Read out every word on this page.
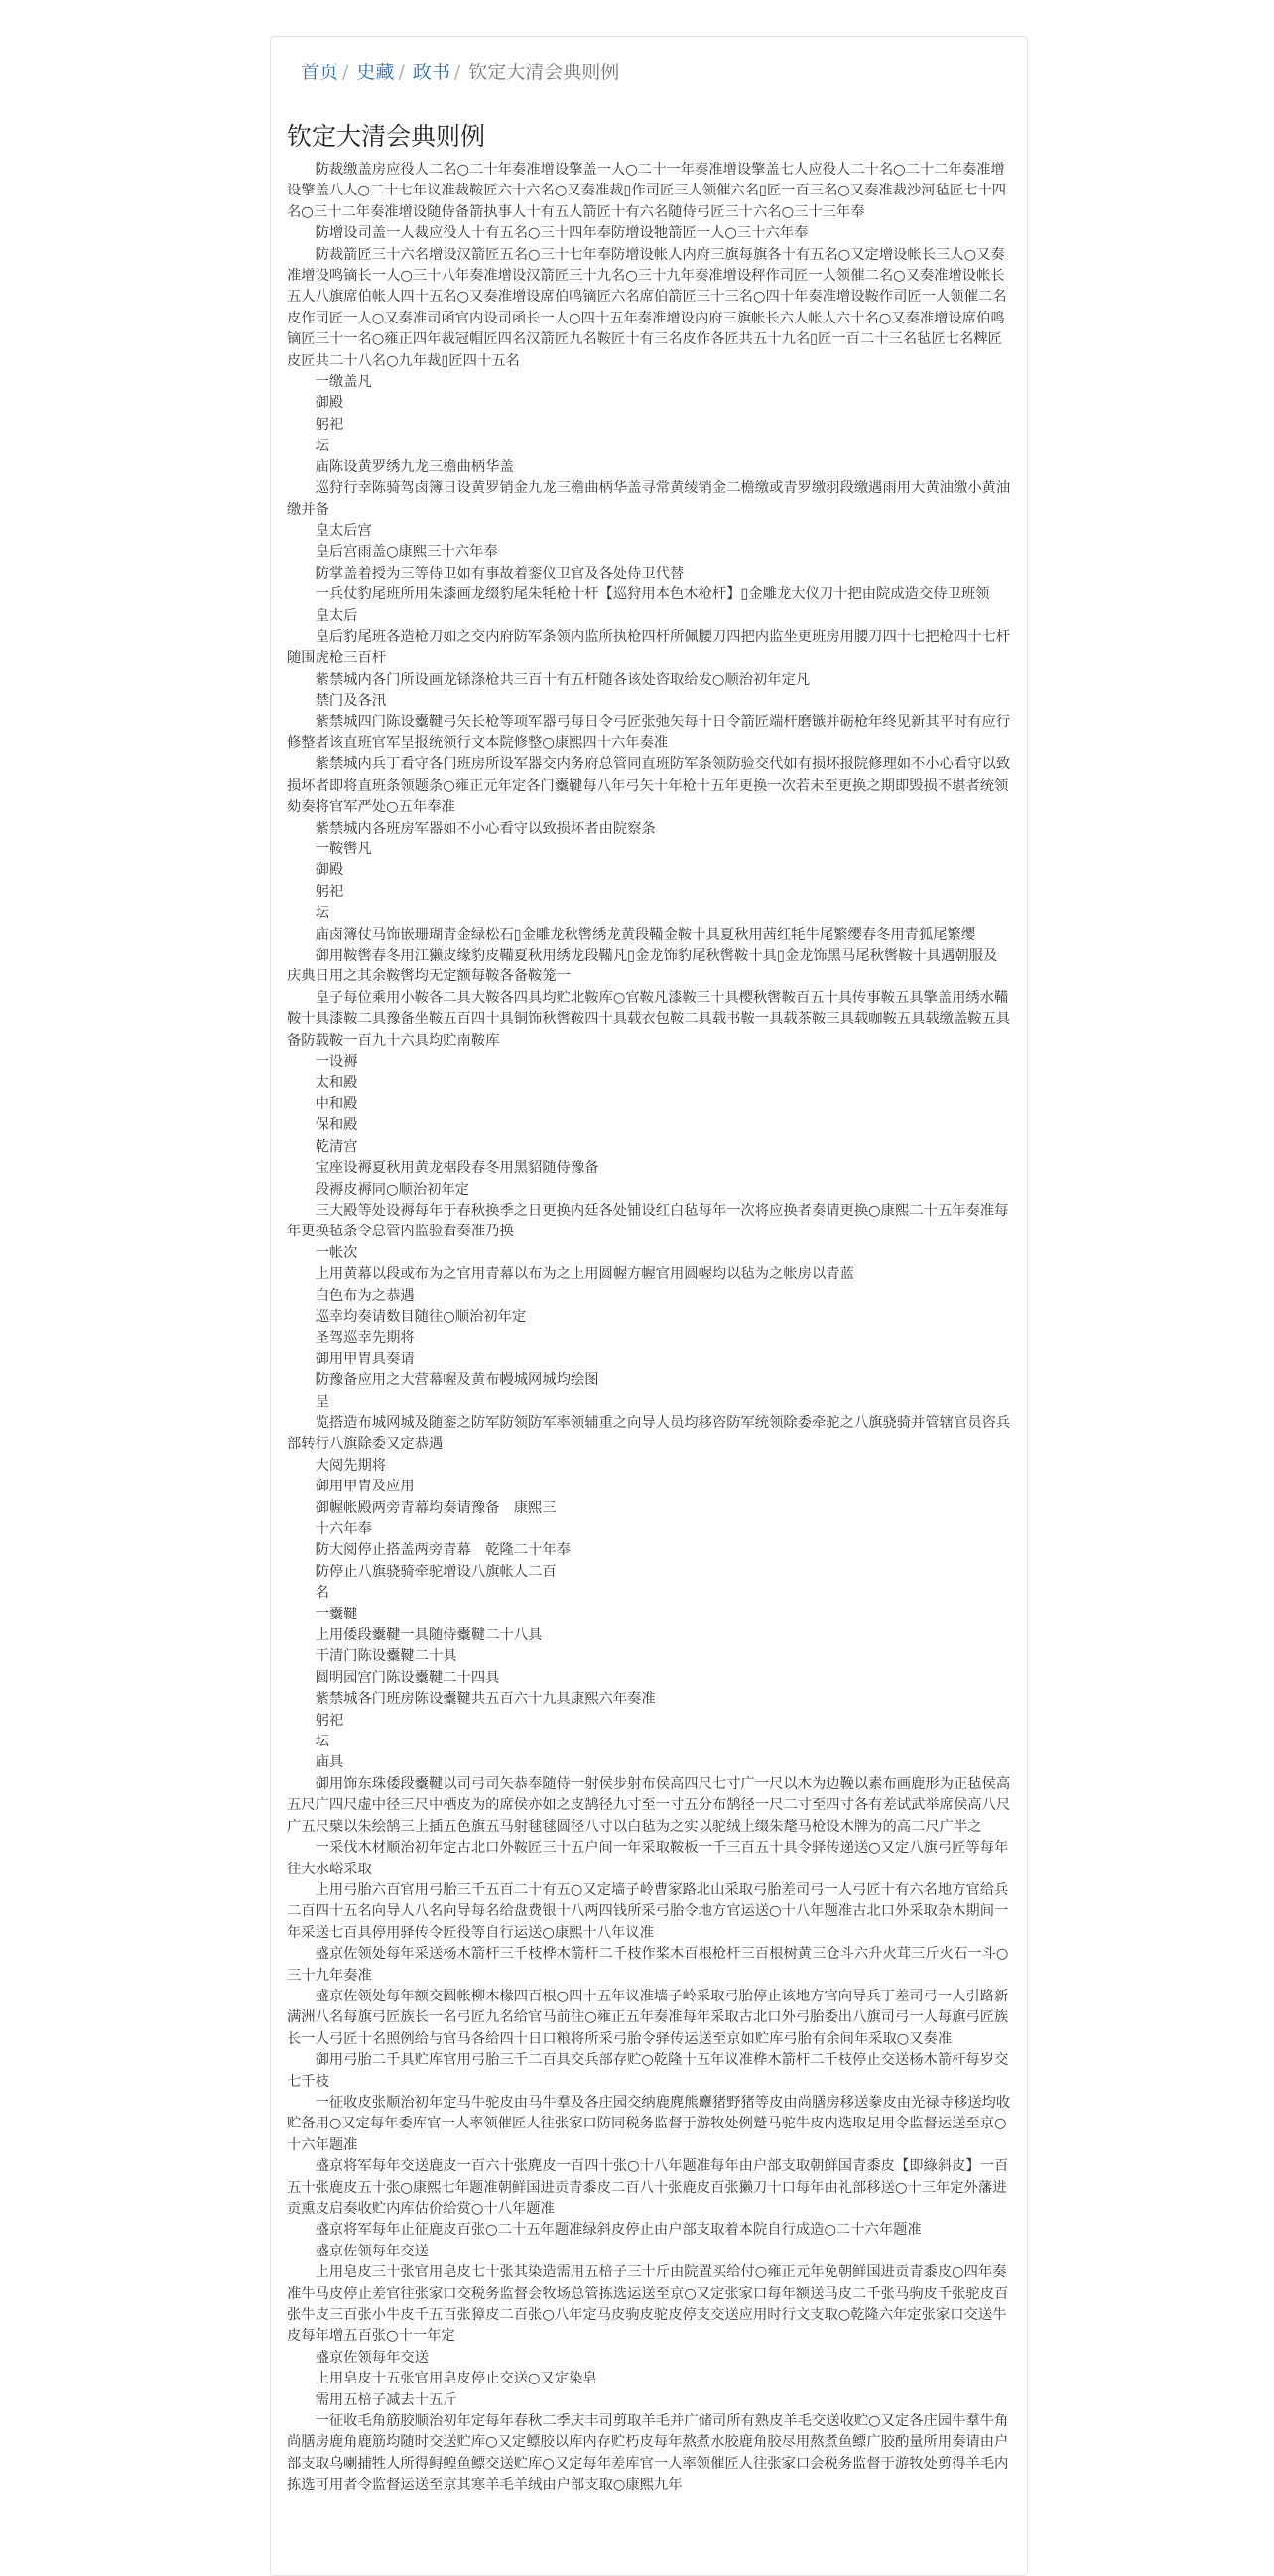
首页 / 史藏 / 政书 / 钦定大清会典则例
钦定大清会典则例

防裁缴盖房应役人二名○二十年奏准增设擎盖一人○二十一年奏准增设擎盖七人应役人二十名○二十二年奏准增设擎盖八人○二十七年议准裁鞍匠六十六名○又奏准裁▯作司匠三人领催六名▯匠一百三名○又奏准裁沙河毡匠七十四名○三十二年奏准增设随侍备箭执事人十有五人箭匠十有六名随侍弓匠三十六名○三十三年奉

防增设司盖一人裁应役人十有五名○三十四年奉防增设牠箭匠一人○三十六年奉

防裁箭匠三十六名增设汉箭匠五名○三十七年奉防增设帐人内府三旗每旗各十有五名○又定增设帐长三人○又奏准增设鸣镝长一人○三十八年奏准增设汉箭匠三十九名○三十九年奏准增设秤作司匠一人领催二名○又奏准增设帐长五人八旗席伯帐人四十五名○又奏准增设席伯鸣镝匠六名席伯箭匠三十三名○四十年奏准增设鞍作司匠一人领催二名皮作司匠一人○又奏准司函官内设司函长一人○四十五年奏准增设内府三旗帐长六人帐人六十名○又奏准增设席伯鸣镝匠三十一名○雍正四年裁冠帽匠四名汉箭匠九名鞍匠十有三名皮作各匠共五十九名▯匠一百二十三名毡匠七名粺匠皮匠共二十八名○九年裁▯匠四十五名

一缴盖凡

御殿

躬祀

坛

庙陈设黄罗绣九龙三檐曲柄华盖

巡狩行幸陈骑驾卤簿日设黄罗销金九龙三檐曲柄华盖寻常黄绫销金二檐缴或青罗缴羽段缴遇雨用大黄油缴小黄油缴并备

皇太后宫

皇后宫雨盖○康熙三十六年奉

防掌盖着授为三等侍卫如有事故着銮仪卫官及各处侍卫代替

一兵仗豹尾班所用朱漆画龙缀豹尾朱牦枪十杆【巡狩用本色木枪杆】▯金雕龙大仪刀十把由院成造交侍卫班领

皇太后

皇后豹尾班各造枪刀如之交内府防军条领内监所执枪四杆所佩腰刀四把内监坐更班房用腰刀四十七把枪四十七杆随围虎枪三百杆

紫禁城内各门所设画龙铩涤枪共三百十有五杆随各该处咨取给发○顺治初年定凡

禁门及各汛

紫禁城四门陈设櫜鞬弓矢长枪等项军器弓每日令弓匠张弛矢每十日令箭匠端杆磨镞并砺枪年终见新其平时有应行修整者该直班官军呈报统领行文本院修整○康熙四十六年奏准

紫禁城内兵丁看守各门班房所设军器交内务府总管同直班防军条领防验交代如有损坏报院修理如不小心看守以致损坏者即将直班条领题条○雍正元年定各门櫜鞬每八年弓矢十年枪十五年更换一次若未至更换之期即毁损不堪者统领劾奏将官军严处○五年奉准

紫禁城内各班房军器如不小心看守以致损坏者由院察条

一鞍辔凡

御殿

躬祀

坛

庙卤簿仗马饰嵌珊瑚青金绿松石▯金雕龙秋辔绣龙黄段鞴金鞍十具夏秋用茜红牦牛尾繁缨春冬用青狐尾繁缨

御用鞍辔春冬用江獭皮缘豹皮鞴夏秋用绣龙段鞴凡▯金龙饰豹尾秋辔鞍十具▯金龙饰黑马尾秋辔鞍十具遇朝服及庆典日用之其余鞍辔均无定额每鞍各备鞍笼一

皇子每位乘用小鞍各二具大鞍各四具均贮北鞍库○官鞍凡漆鞍三十具樱秋辔鞍百五十具传事鞍五具擎盖用绣水鞴鞍十具漆鞍二具豫备坐鞍五百四十具铜饰秋辔鞍四十具载衣包鞍二具载书鞍一具载茶鞍三具载咖鞍五具载缴盖鞍五具备防载鞍一百九十六具均贮南鞍库

一设褥

太和殿

中和殿

保和殿

乾清宫

宝座设褥夏秋用黄龙椐段春冬用黑貂随侍豫备

段褥皮褥同○顺治初年定

三大殿等处设褥每年于春秋换季之日更换内廷各处铺设红白毡每年一次将应换者奏请更换○康熙二十五年奏准每年更换毡条令总管内监验看奏准乃换

一帐次

上用黄幕以段或布为之官用青幕以布为之上用圆幄方幄官用圆幄均以毡为之帐房以青蓝

白色布为之恭遇

巡幸均奏请数目随往○顺治初年定

圣驾巡幸先期将

御用甲胄具奏请

防豫备应用之大营幕幄及黄布幔城网城均绘图

呈

览搭造布城网城及随銮之防军防领防军率领辅重之向导人员均移咨防军统领除委牵驼之八旗骁骑并管辖官员咨兵部转行八旗除委又定恭遇

大阅先期将

御用甲胄及应用

御幄帐殿两旁青幕均奏请豫备　康熙三

十六年奉

防大阅停止搭盖两旁青幕　乾隆二十年奉

防停止八旗骁骑牵驼增设八旗帐人二百

名

一櫜鞬

上用倭段櫜鞬一具随侍櫜鞬二十八具

干清门陈设櫜鞬二十具

圆明园宫门陈设櫜鞬二十四具

紫禁城各门班房陈设櫜鞬共五百六十九具康熙六年奏准

躬祀

坛

庙具

御用饰东珠倭段櫜鞬以司弓司矢恭奉随侍一射侯步射布侯高四尺七寸广一尺以木为边鞔以素布画鹿形为正毡侯高五尺广四尺虚中径三尺中栖皮为的席侯亦如之皮鹄径九寸至一寸五分布鹄径一尺二寸至四寸各有差试武举席侯高八尺广五尺檗以朱绘鹄三上插五色旗五马射毬毬圆径八寸以白毡为之实以驼绒上缀朱氂马枪设木牌为的高二尺广半之

一采伐木材顺治初年定古北口外鞍匠三十五户间一年采取鞍板一千三百五十具令驿传递送○又定八旗弓匠等每年往大水峪采取

上用弓胎六百官用弓胎三千五百二十有五○又定墙子岭曹家路北山采取弓胎差司弓一人弓匠十有六名地方官给兵二百四十五名向导人八名向导每名给盘费银十八两四钱所采弓胎令地方官运送○十八年题准古北口外采取杂木期间一年采送七百具停用驿传令匠役等自行运送○康熙十八年议准

盛京佐领处每年采送杨木箭杆三千枝桦木箭杆二千枝作桨木百根枪杆三百根树黄三仓斗六升火茸三斤火石一斗○三十九年奏准

盛京佐领处每年额交圆帐柳木椽四百根○四十五年议准墙子岭采取弓胎停止该地方官向导兵丁差司弓一人引路新满洲八名每旗弓匠族长一名弓匠九名给官马前往○雍正五年奏准每年采取古北口外弓胎委出八旗司弓一人每旗弓匠族长一人弓匠十名照例给与官马各给四十日口粮将所采弓胎令驿传运送至京如贮库弓胎有余间年采取○又奏准

御用弓胎二千具贮库官用弓胎三千二百具交兵部存贮○乾隆十五年议准桦木箭杆二千枝停止交送杨木箭杆每岁交七千枝

一征收皮张顺治初年定马牛驼皮由马牛羣及各庄园交纳鹿麂熊麞猪野猪等皮由尚膳房移送豢皮由光禄寺移送均收贮备用○又定每年委库官一人率领催匠人往张家口防同税务监督于游牧处例蹵马驼牛皮内选取足用令监督运送至京○十六年题准

盛京将军每年交送鹿皮一百六十张麂皮一百四十张○十八年题准每年由户部支取朝鲜国青黍皮【即綠斜皮】一百五十张鹿皮五十张○康熙七年题准朝鲜国进贡青黍皮二百八十张鹿皮百张獭刀十口每年由礼部移送○十三年定外藩进贡熏皮启奏收贮内库估价给赏○十八年题准

盛京将军每年止征鹿皮百张○二十五年题准绿斜皮停止由户部支取着本院自行成造○二十六年题准

盛京佐领每年交送

上用皂皮三十张官用皂皮七十张其染造需用五棓子三十斤由院置买给付○雍正元年免朝鲜国进贡青黍皮○四年奏准牛马皮停止差官往张家口交税务监督会牧场总管拣选运送至京○又定张家口每年额送马皮二千张马驹皮千张驼皮百张牛皮三百张小牛皮千五百张獐皮二百张○八年定马皮驹皮驼皮停支交送应用时行文支取○乾隆六年定张家口交送牛皮每年增五百张○十一年定

盛京佐领每年交送

上用皂皮十五张官用皂皮停止交送○又定染皂

需用五棓子减去十五斤

一征收毛角筋胶顺治初年定每年春秋二季庆丰司剪取羊毛并广储司所有熟皮羊毛交送收贮○又定各庄园牛羣牛角尚膳房鹿角鹿筋均随时交送贮库○又定鳔胶以库内存贮朽皮每年熬煮水胶鹿角胶尽用熬煮鱼鳔广胶酌量所用奏请由户部支取乌喇捕牲人所得鲟鳇鱼鳔交送贮库○又定每年差库官一人率领催匠人往张家口会税务监督于游牧处剪得羊毛内拣选可用者令监督运送至京其寒羊毛羊绒由户部支取○康熙九年
